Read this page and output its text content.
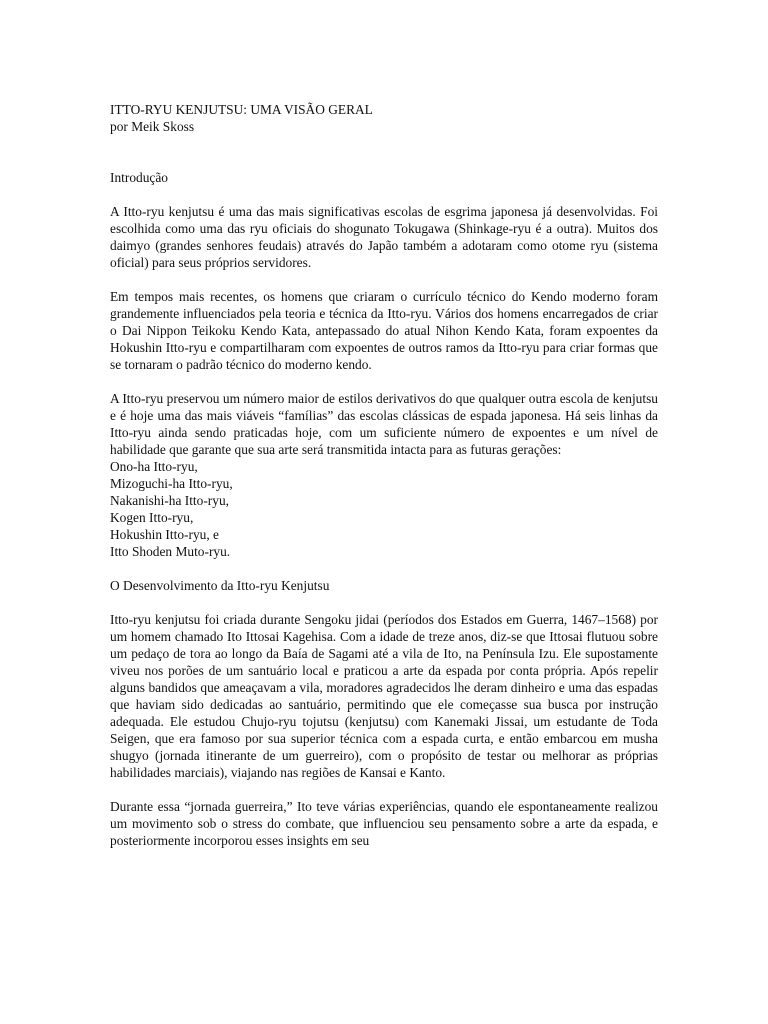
ITTO-RYU KENJUTSU: UMA VISÃO GERAL

por Meik Skoss

Introdução

A Itto-ryu kenjutsu é uma das mais significativas escolas de esgrima japonesa já desenvolvidas. Foi escolhida como uma das ryu oficiais do shogunato Tokugawa (Shinkage-ryu é a outra). Muitos dos daimyo (grandes senhores feudais) através do Japão também a adotaram como otome ryu (sistema oficial) para seus próprios servidores.

Em tempos mais recentes, os homens que criaram o currículo técnico do Kendo moderno foram grandemente influenciados pela teoria e técnica da Itto-ryu. Vários dos homens encarregados de criar o Dai Nippon Teikoku Kendo Kata, antepassado do atual Nihon Kendo Kata, foram expoentes da Hokushin Itto-ryu e compartilharam com expoentes de outros ramos da Itto-ryu para criar formas que se tornaram o padrão técnico do moderno kendo.

A Itto-ryu preservou um número maior de estilos derivativos do que qualquer outra escola de kenjutsu e é hoje uma das mais viáveis “famílias” das escolas clássicas de espada japonesa. Há seis linhas da Itto-ryu ainda sendo praticadas hoje, com um suficiente número de expoentes e um nível de habilidade que garante que sua arte será transmitida intacta para as futuras gerações:

Ono-ha Itto-ryu,
Mizoguchi-ha Itto-ryu,
Nakanishi-ha Itto-ryu,
Kogen Itto-ryu,
Hokushin Itto-ryu, e
Itto Shoden Muto-ryu.

O Desenvolvimento da Itto-ryu Kenjutsu

Itto-ryu kenjutsu foi criada durante Sengoku jidai (períodos dos Estados em Guerra, 1467–1568) por um homem chamado Ito Ittosai Kagehisa. Com a idade de treze anos, diz-se que Ittosai flutuou sobre um pedaço de tora ao longo da Baía de Sagami até a vila de Ito, na Península Izu. Ele supostamente viveu nos porões de um santuário local e praticou a arte da espada por conta própria. Após repelir alguns bandidos que ameaçavam a vila, moradores agradecidos lhe deram dinheiro e uma das espadas que haviam sido dedicadas ao santuário, permitindo que ele começasse sua busca por instrução adequada. Ele estudou Chujo-ryu tojutsu (kenjutsu) com Kanemaki Jissai, um estudante de Toda Seigen, que era famoso por sua superior técnica com a espada curta, e então embarcou em musha shugyo (jornada itinerante de um guerreiro), com o propósito de testar ou melhorar as próprias habilidades marciais), viajando nas regiões de Kansai e Kanto.

Durante essa “jornada guerreira,” Ito teve várias experiências, quando ele espontaneamente realizou um movimento sob o stress do combate, que influenciou seu pensamento sobre a arte da espada, e posteriormente incorporou esses insights em seu
